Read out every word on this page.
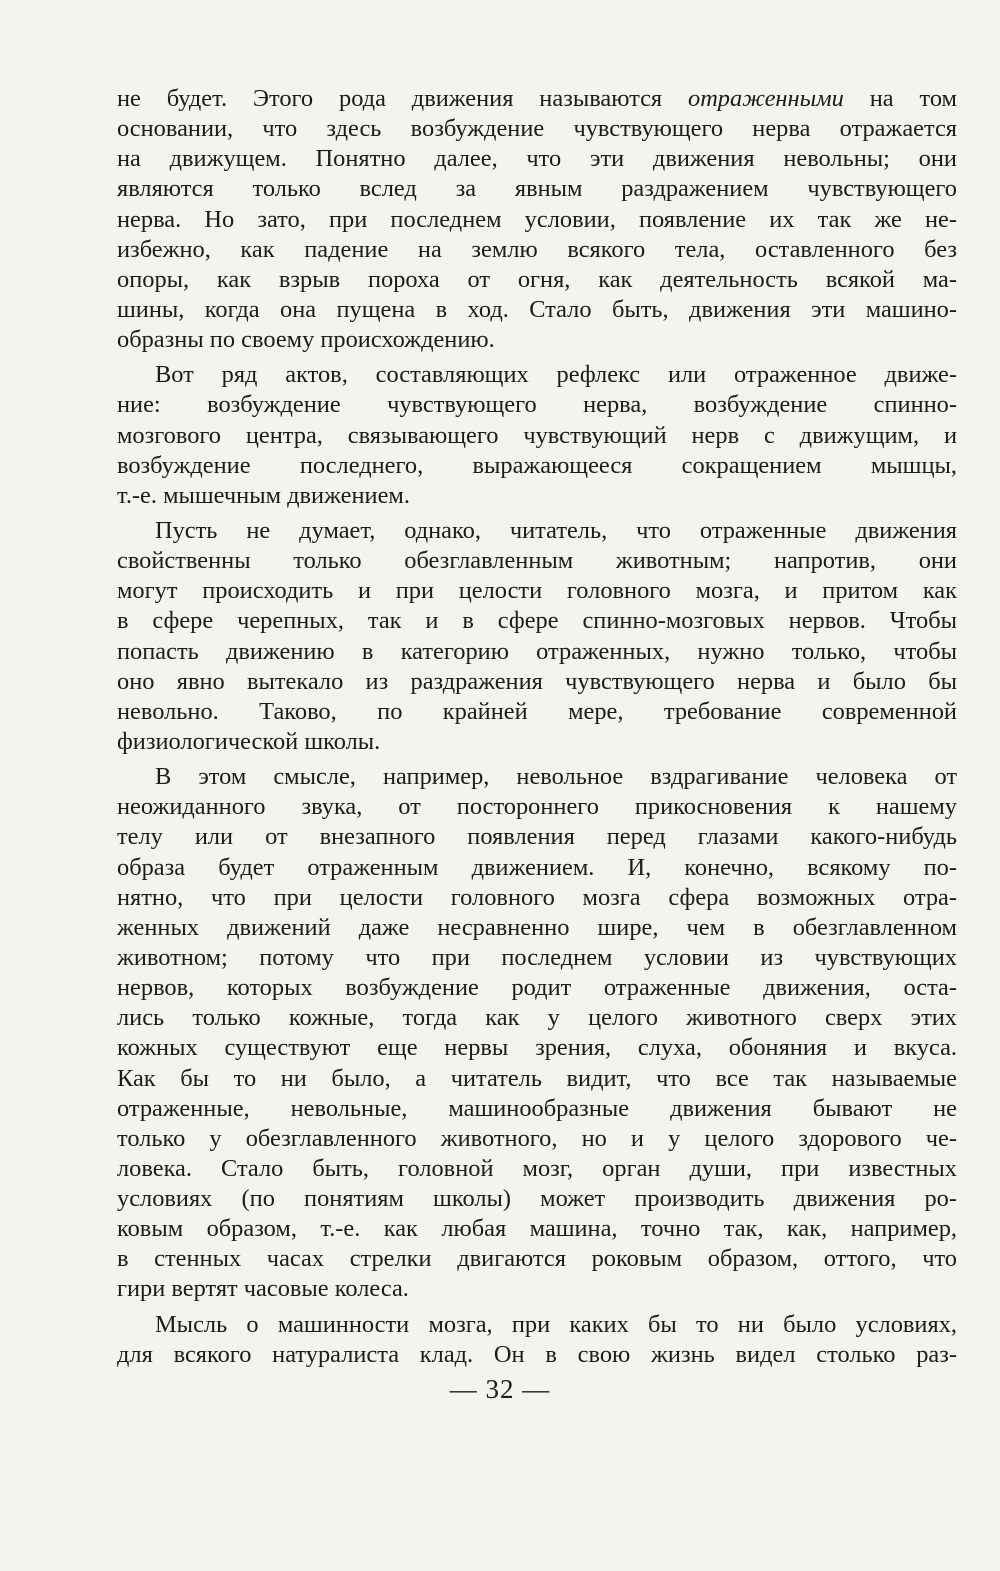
не будет. Этого рода движения называются отраженными на том
основании, что здесь возбуждение чувствующего нерва отражается
на движущем. Понятно далее, что эти движения невольны; они
являются только вслед за явным раздражением чувствующего
нерва. Но зато, при последнем условии, появление их так же не-
избежно, как падение на землю всякого тела, оставленного без
опоры, как взрыв пороха от огня, как деятельность всякой ма-
шины, когда она пущена в ход. Стало быть, движения эти машино-
образны по своему происхождению.
Вот ряд актов, составляющих рефлекс или отраженное движе-
ние: возбуждение чувствующего нерва, возбуждение спинно-
мозгового центра, связывающего чувствующий нерв с движущим, и
возбуждение последнего, выражающееся сокращением мышцы,
т.-е. мышечным движением.
Пусть не думает, однако, читатель, что отраженные движения
свойственны только обезглавленным животным; напротив, они
могут происходить и при целости головного мозга, и притом как
в сфере черепных, так и в сфере спинно-мозговых нервов. Чтобы
попасть движению в категорию отраженных, нужно только, чтобы
оно явно вытекало из раздражения чувствующего нерва и было бы
невольно. Таково, по крайней мере, требование современной
физиологической школы.
В этом смысле, например, невольное вздрагивание человека от
неожиданного звука, от постороннего прикосновения к нашему
телу или от внезапного появления перед глазами какого-нибудь
образа будет отраженным движением. И, конечно, всякому по-
нятно, что при целости головного мозга сфера возможных отра-
женных движений даже несравненно шире, чем в обезглавленном
животном; потому что при последнем условии из чувствующих
нервов, которых возбуждение родит отраженные движения, оста-
лись только кожные, тогда как у целого животного сверх этих
кожных существуют еще нервы зрения, слуха, обоняния и вкуса.
Как бы то ни было, а читатель видит, что все так называемые
отраженные, невольные, машинообразные движения бывают не
только у обезглавленного животного, но и у целого здорового че-
ловека. Стало быть, головной мозг, орган души, при известных
условиях (по понятиям школы) может производить движения ро-
ковым образом, т.-е. как любая машина, точно так, как, например,
в стенных часах стрелки двигаются роковым образом, оттого, что
гири вертят часовые колеса.
Мысль о машинности мозга, при каких бы то ни было условиях,
для всякого натуралиста клад. Он в свою жизнь видел столько раз-
— 32 —
